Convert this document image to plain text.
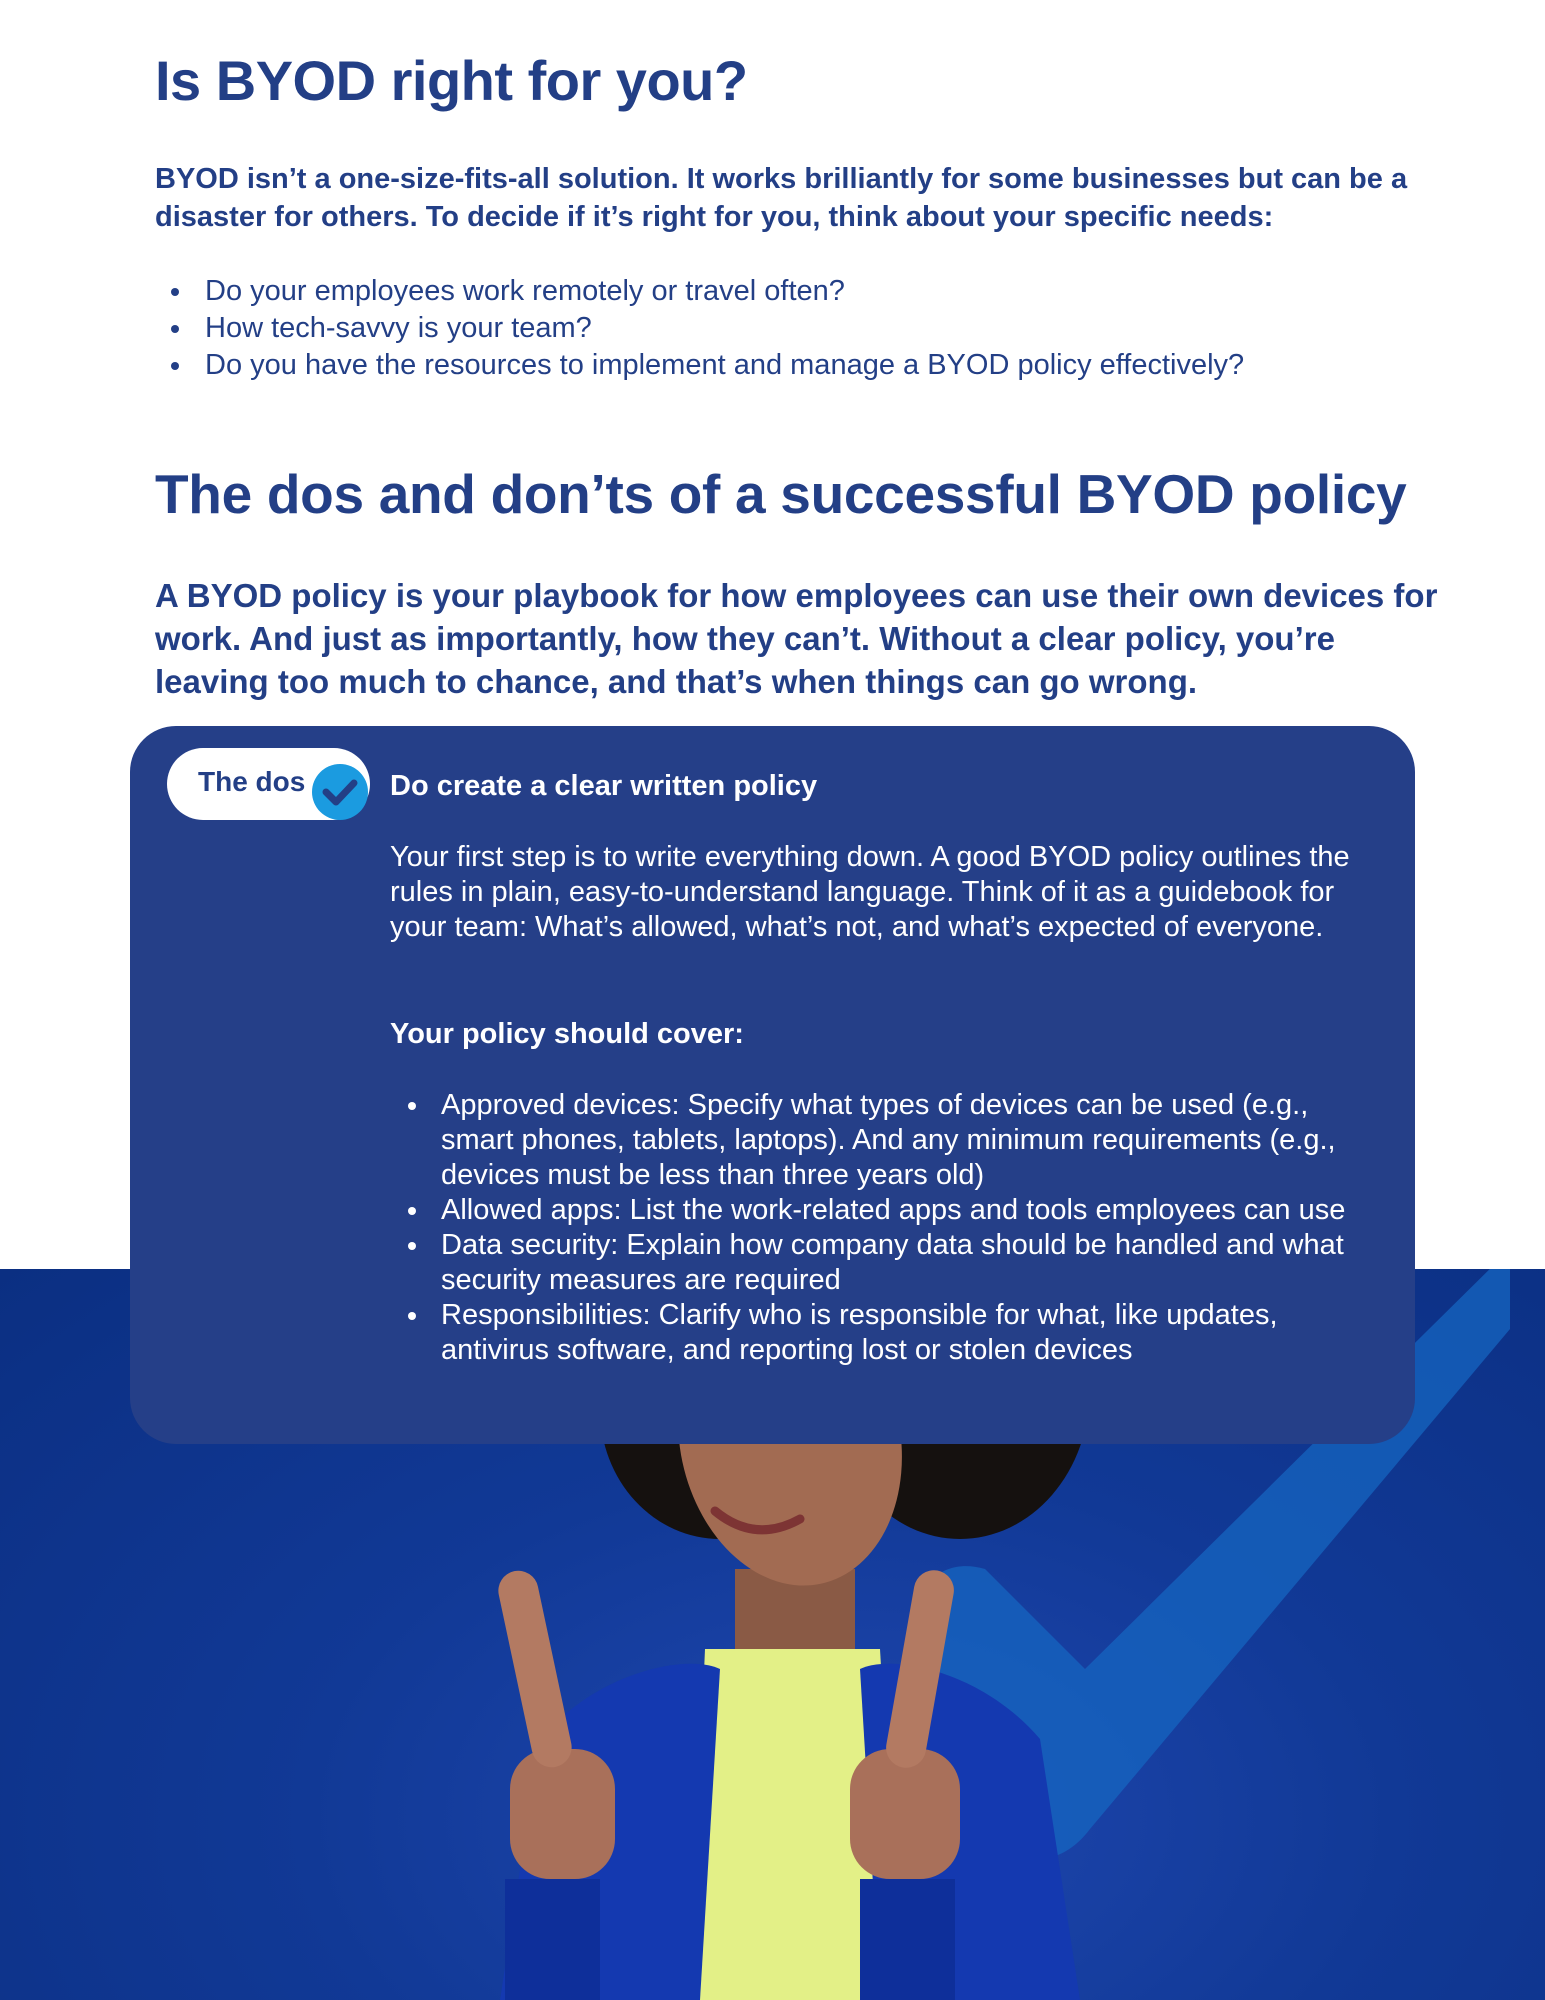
Is BYOD right for you?

BYOD isn’t a one-size-fits-all solution. It works brilliantly for some businesses but can be a disaster for others. To decide if it’s right for you, think about your specific needs:

Do your employees work remotely or travel often?
How tech-savvy is your team?
Do you have the resources to implement and manage a BYOD policy effectively?
The dos and don’ts of a successful BYOD policy

A BYOD policy is your playbook for how employees can use their own devices for work. And just as importantly, how they can’t. Without a clear policy, you’re leaving too much to chance, and that’s when things can go wrong.

The dos	Do create a clear written policy

Your first step is to write everything down. A good BYOD policy outlines the rules in plain, easy-to-understand language. Think of it as a guidebook for your team: What’s allowed, what’s not, and what’s expected of everyone.

Your policy should cover:
Approved devices: Specify what types of devices can be used (e.g., smart phones, tablets, laptops). And any minimum requirements (e.g., devices must be less than three years old)
Allowed apps: List the work-related apps and tools employees can use
Data security: Explain how company data should be handled and what security measures are required
Responsibilities: Clarify who is responsible for what, like updates, antivirus software, and reporting lost or stolen devices
